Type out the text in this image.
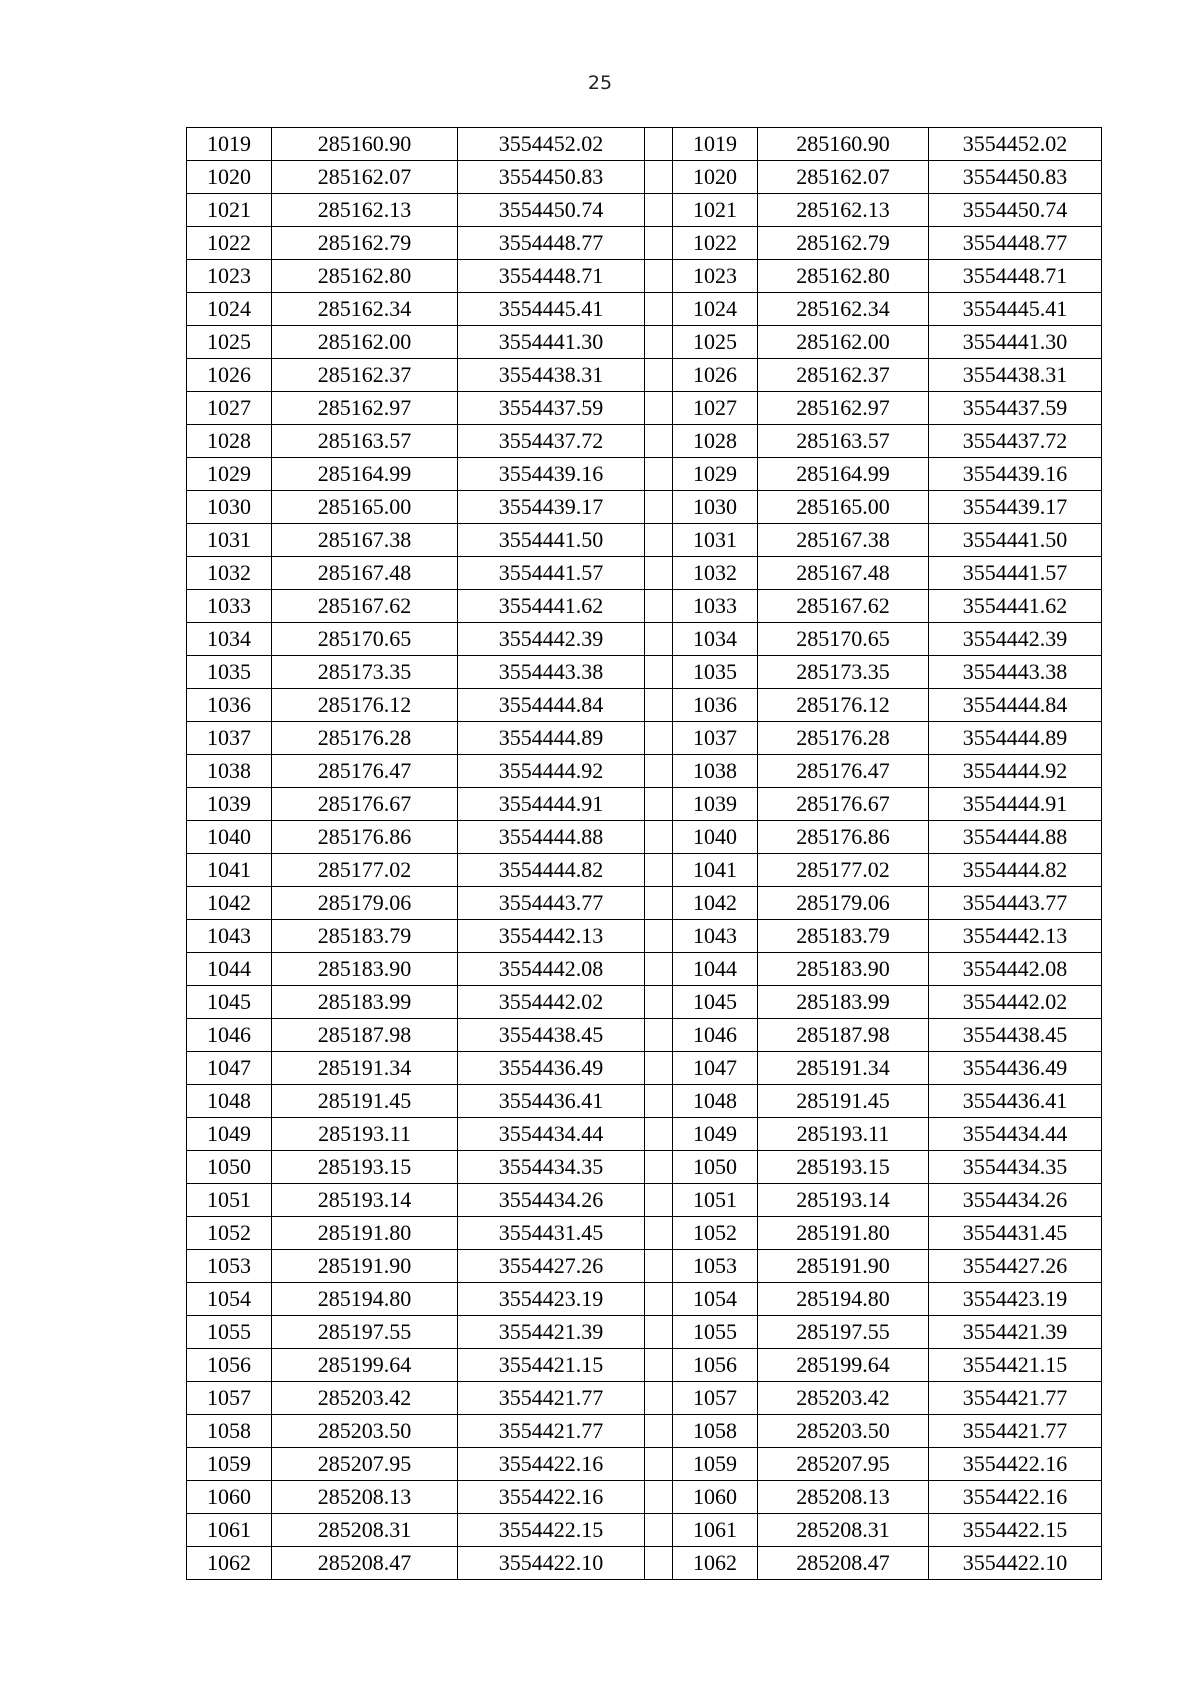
25
1019	285160.90	3554452.02		1019	285160.90	3554452.02
1020	285162.07	3554450.83		1020	285162.07	3554450.83
1021	285162.13	3554450.74		1021	285162.13	3554450.74
1022	285162.79	3554448.77		1022	285162.79	3554448.77
1023	285162.80	3554448.71		1023	285162.80	3554448.71
1024	285162.34	3554445.41		1024	285162.34	3554445.41
1025	285162.00	3554441.30		1025	285162.00	3554441.30
1026	285162.37	3554438.31		1026	285162.37	3554438.31
1027	285162.97	3554437.59		1027	285162.97	3554437.59
1028	285163.57	3554437.72		1028	285163.57	3554437.72
1029	285164.99	3554439.16		1029	285164.99	3554439.16
1030	285165.00	3554439.17		1030	285165.00	3554439.17
1031	285167.38	3554441.50		1031	285167.38	3554441.50
1032	285167.48	3554441.57		1032	285167.48	3554441.57
1033	285167.62	3554441.62		1033	285167.62	3554441.62
1034	285170.65	3554442.39		1034	285170.65	3554442.39
1035	285173.35	3554443.38		1035	285173.35	3554443.38
1036	285176.12	3554444.84		1036	285176.12	3554444.84
1037	285176.28	3554444.89		1037	285176.28	3554444.89
1038	285176.47	3554444.92		1038	285176.47	3554444.92
1039	285176.67	3554444.91		1039	285176.67	3554444.91
1040	285176.86	3554444.88		1040	285176.86	3554444.88
1041	285177.02	3554444.82		1041	285177.02	3554444.82
1042	285179.06	3554443.77		1042	285179.06	3554443.77
1043	285183.79	3554442.13		1043	285183.79	3554442.13
1044	285183.90	3554442.08		1044	285183.90	3554442.08
1045	285183.99	3554442.02		1045	285183.99	3554442.02
1046	285187.98	3554438.45		1046	285187.98	3554438.45
1047	285191.34	3554436.49		1047	285191.34	3554436.49
1048	285191.45	3554436.41		1048	285191.45	3554436.41
1049	285193.11	3554434.44		1049	285193.11	3554434.44
1050	285193.15	3554434.35		1050	285193.15	3554434.35
1051	285193.14	3554434.26		1051	285193.14	3554434.26
1052	285191.80	3554431.45		1052	285191.80	3554431.45
1053	285191.90	3554427.26		1053	285191.90	3554427.26
1054	285194.80	3554423.19		1054	285194.80	3554423.19
1055	285197.55	3554421.39		1055	285197.55	3554421.39
1056	285199.64	3554421.15		1056	285199.64	3554421.15
1057	285203.42	3554421.77		1057	285203.42	3554421.77
1058	285203.50	3554421.77		1058	285203.50	3554421.77
1059	285207.95	3554422.16		1059	285207.95	3554422.16
1060	285208.13	3554422.16		1060	285208.13	3554422.16
1061	285208.31	3554422.15		1061	285208.31	3554422.15
1062	285208.47	3554422.10		1062	285208.47	3554422.10
